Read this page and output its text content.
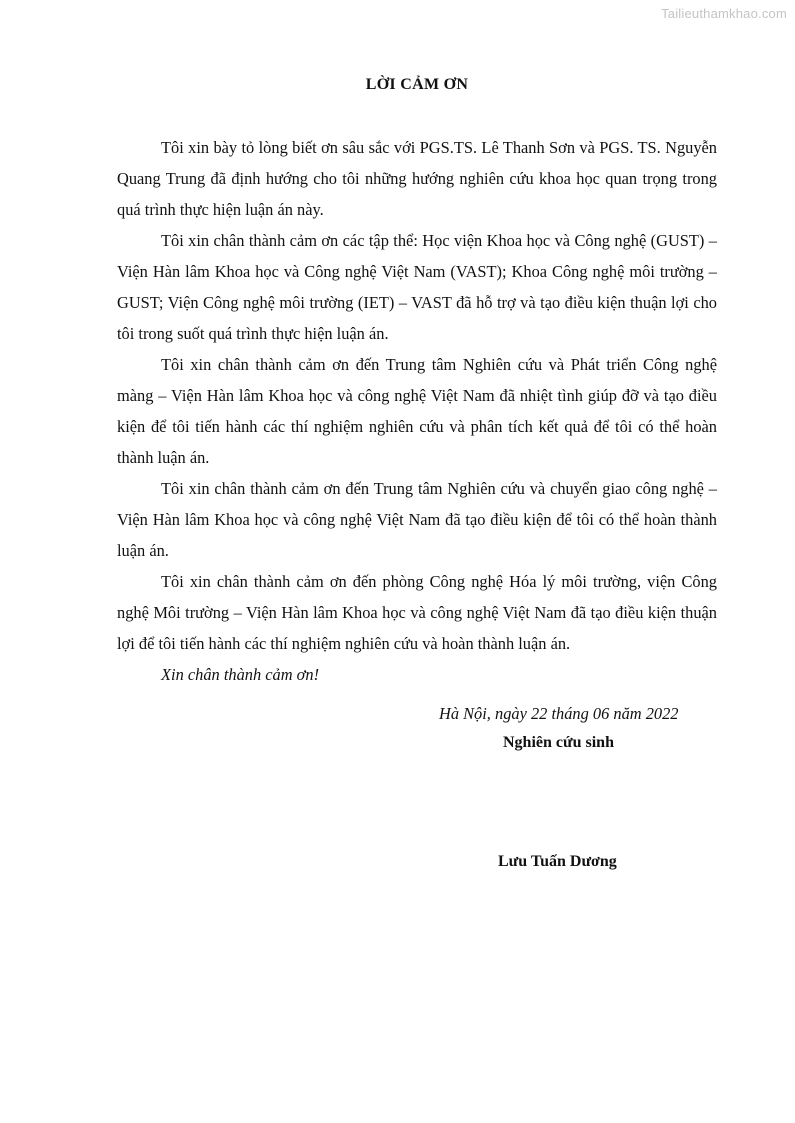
Tailieuthamkhao.com
LỜI CẢM ƠN

Tôi xin bày tỏ lòng biết ơn sâu sắc với PGS.TS. Lê Thanh Sơn và PGS. TS. Nguyễn Quang Trung đã định hướng cho tôi những hướng nghiên cứu khoa học quan trọng trong quá trình thực hiện luận án này.

Tôi xin chân thành cảm ơn các tập thể: Học viện Khoa học và Công nghệ (GUST) – Viện Hàn lâm Khoa học và Công nghệ Việt Nam (VAST); Khoa Công nghệ môi trường – GUST; Viện Công nghệ môi trường (IET) – VAST đã hỗ trợ và tạo điều kiện thuận lợi cho tôi trong suốt quá trình thực hiện luận án.

Tôi xin chân thành cảm ơn đến Trung tâm Nghiên cứu và Phát triển Công nghệ màng – Viện Hàn lâm Khoa học và công nghệ Việt Nam đã nhiệt tình giúp đỡ và tạo điều kiện để tôi tiến hành các thí nghiệm nghiên cứu và phân tích kết quả để tôi có thể hoàn thành luận án.

Tôi xin chân thành cảm ơn đến Trung tâm Nghiên cứu và chuyển giao công nghệ – Viện Hàn lâm Khoa học và công nghệ Việt Nam đã tạo điều kiện để tôi có thể hoàn thành luận án.

Tôi xin chân thành cảm ơn đến phòng Công nghệ Hóa lý môi trường, viện Công nghệ Môi trường – Viện Hàn lâm Khoa học và công nghệ Việt Nam đã tạo điều kiện thuận lợi để tôi tiến hành các thí nghiệm nghiên cứu và hoàn thành luận án.

Xin chân thành cảm ơn!

Hà Nội, ngày 22 tháng 06 năm 2022
Nghiên cứu sinh
Lưu Tuấn Dương
